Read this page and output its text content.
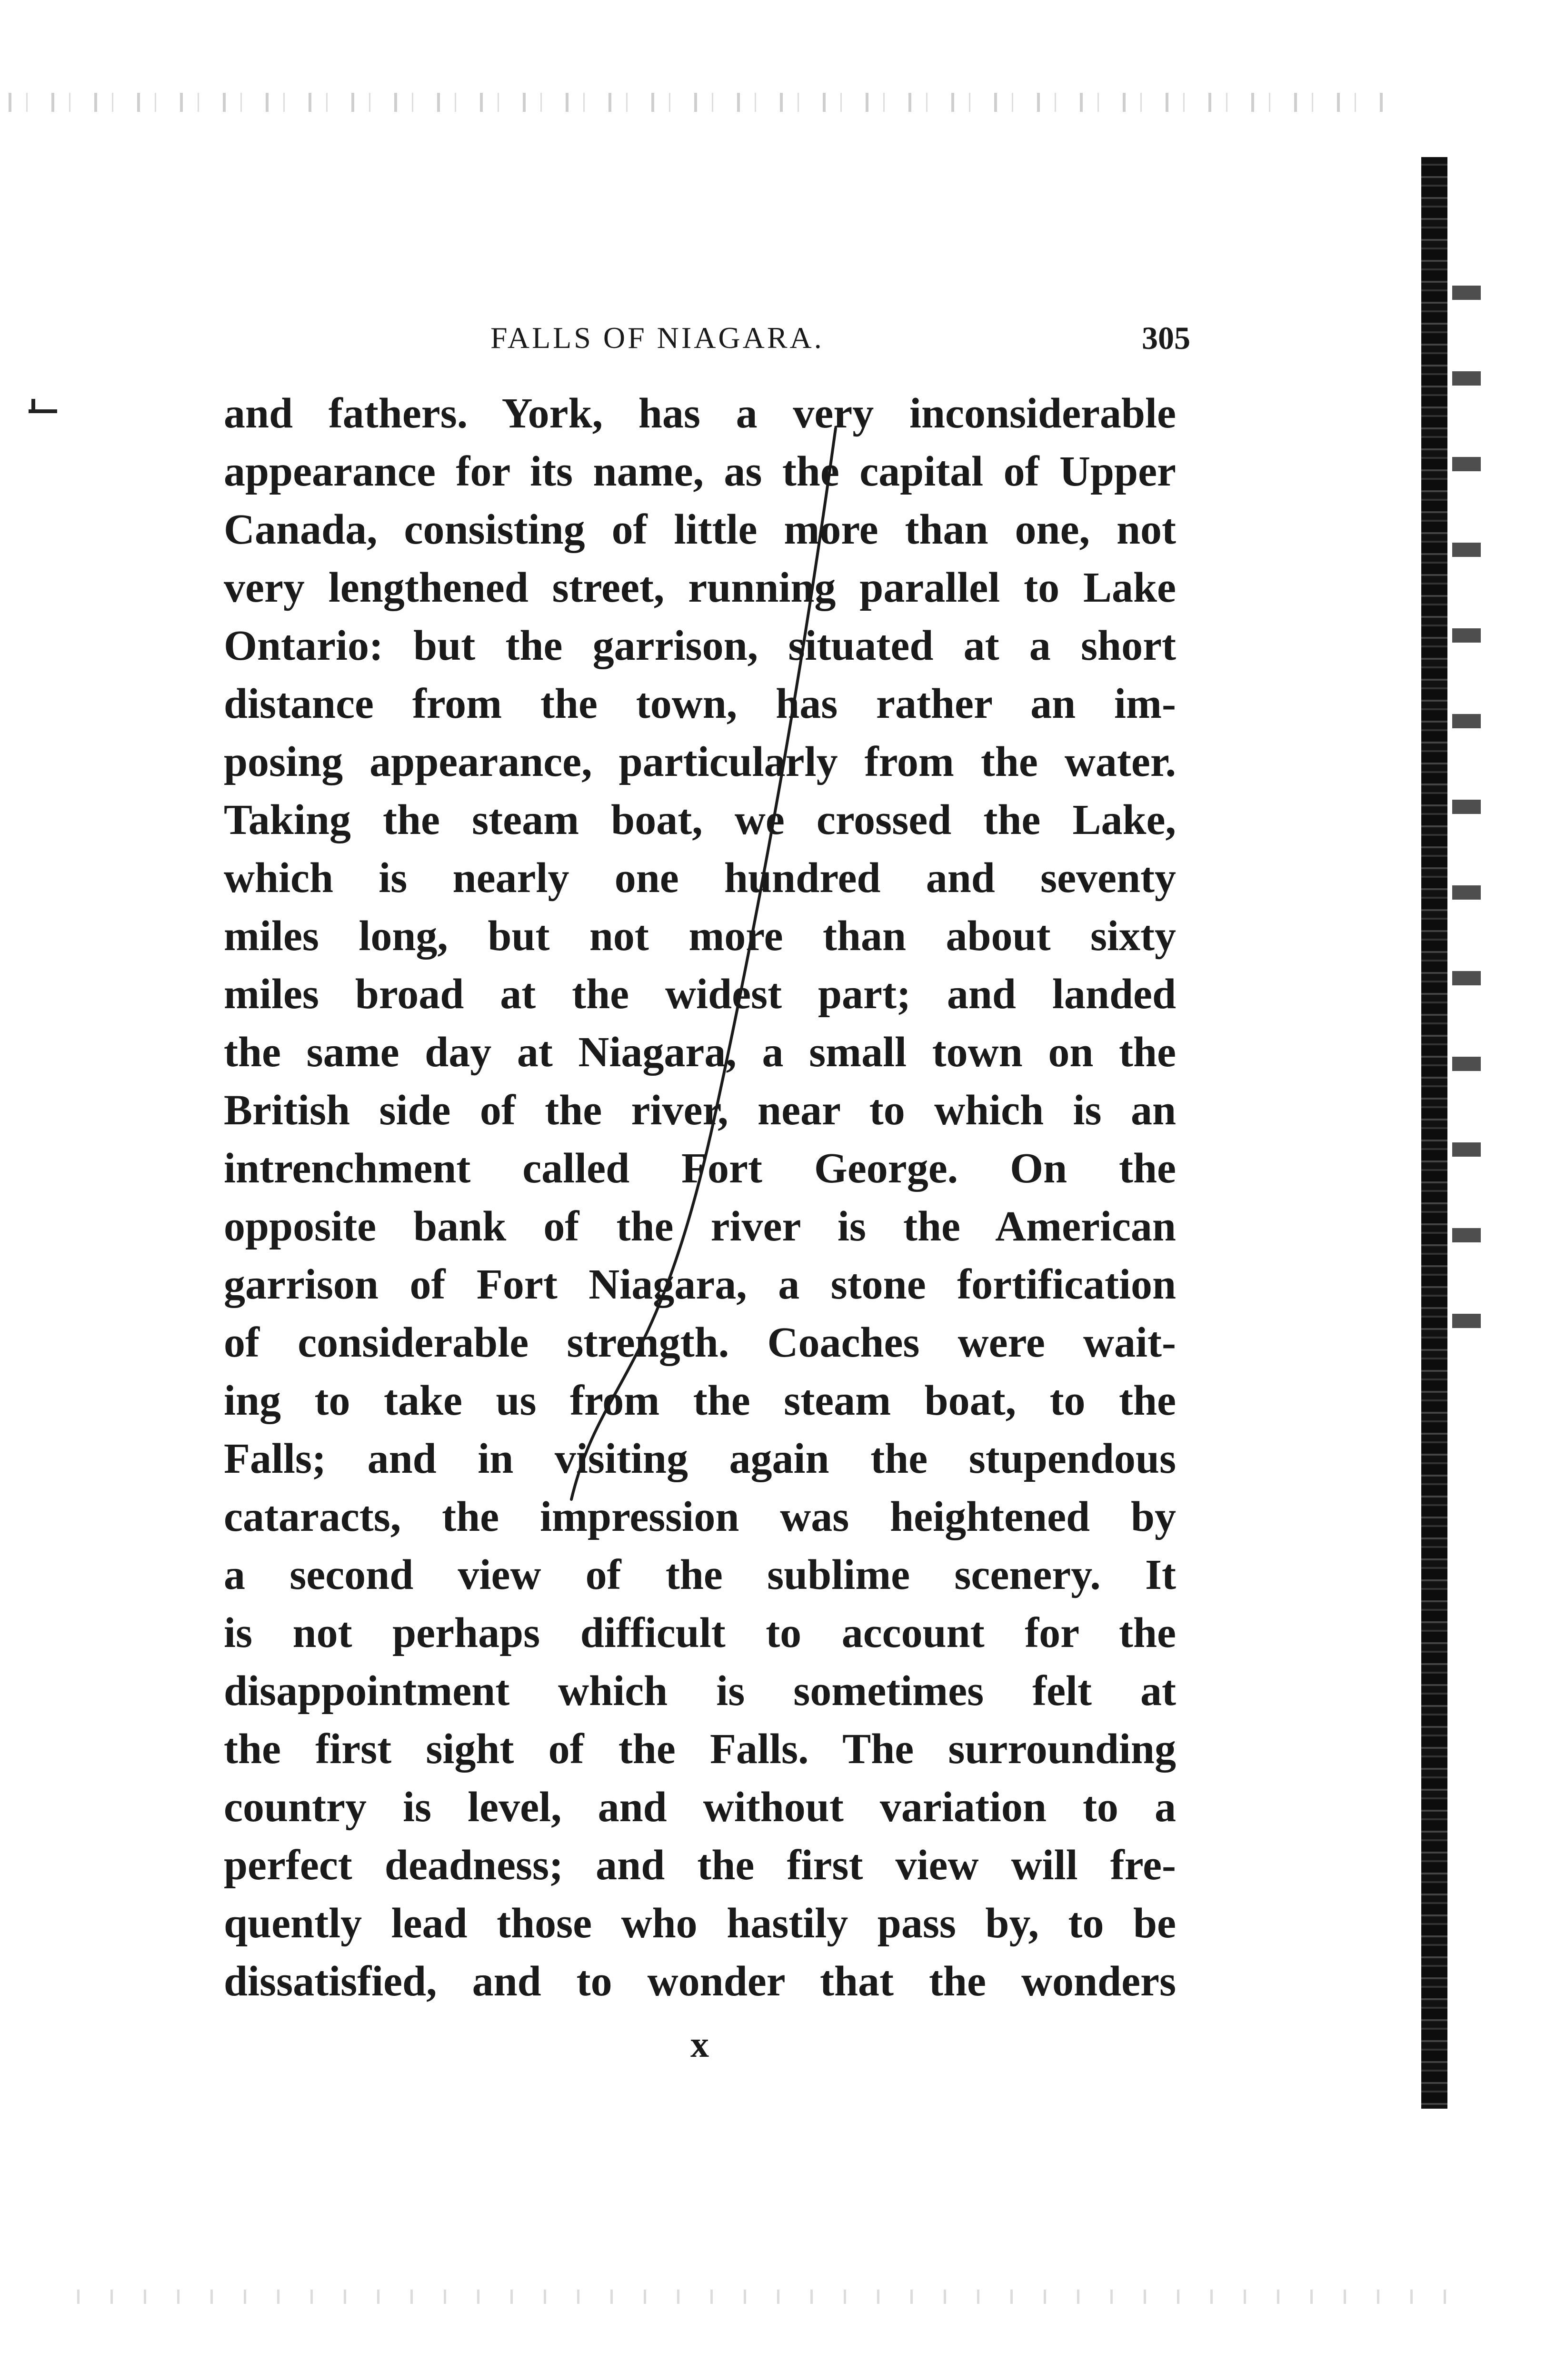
FALLS OF NIAGARA.	305
and fathers. York, has a very inconsiderable
appearance for its name, as the capital of Upper
Canada, consisting of little more than one, not
very lengthened street, running parallel to Lake
Ontario: but the garrison, situated at a short
distance from the town, has rather an im-
posing appearance, particularly from the water.
Taking the steam boat, we crossed the Lake,
which is nearly one hundred and seventy
miles long, but not more than about sixty
miles broad at the widest part; and landed
the same day at Niagara, a small town on the
British side of the river, near to which is an
intrenchment called Fort George. On the
opposite bank of the river is the American
garrison of Fort Niagara, a stone fortification
of considerable strength. Coaches were wait-
ing to take us from the steam boat, to the
Falls; and in visiting again the stupendous
cataracts, the impression was heightened by
a second view of the sublime scenery. It
is not perhaps difficult to account for the
disappointment which is sometimes felt at
the first sight of the Falls. The surrounding
country is level, and without variation to a
perfect deadness; and the first view will fre-
quently lead those who hastily pass by, to be
dissatisfied, and to wonder that the wonders
x
